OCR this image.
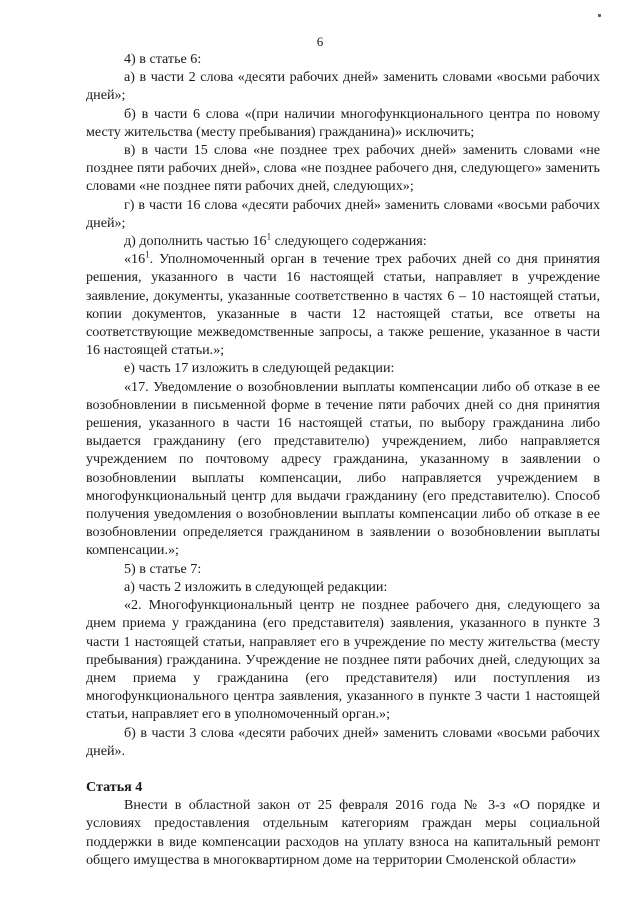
6

4) в статье 6:

а) в части 2 слова «десяти рабочих дней» заменить словами «восьми рабочих дней»;

б) в части 6 слова «(при наличии многофункционального центра по новому месту жительства (месту пребывания) гражданина)» исключить;

в) в части 15 слова «не позднее трех рабочих дней» заменить словами «не позднее пяти рабочих дней», слова «не позднее рабочего дня, следующего» заменить словами «не позднее пяти рабочих дней, следующих»;

г) в части 16 слова «десяти рабочих дней» заменить словами «восьми рабочих дней»;

д) дополнить частью $16^1$ следующего содержания:

«$16^1$. Уполномоченный орган в течение трех рабочих дней со дня принятия решения, указанного в части 16 настоящей статьи, направляет в учреждение заявление, документы, указанные соответственно в частях 6 – 10 настоящей статьи, копии документов, указанные в части 12 настоящей статьи, все ответы на соответствующие межведомственные запросы, а также решение, указанное в части 16 настоящей статьи.»;

е) часть 17 изложить в следующей редакции:

«17. Уведомление о возобновлении выплаты компенсации либо об отказе в ее возобновлении в письменной форме в течение пяти рабочих дней со дня принятия решения, указанного в части 16 настоящей статьи, по выбору гражданина либо выдается гражданину (его представителю) учреждением, либо направляется учреждением по почтовому адресу гражданина, указанному в заявлении о возобновлении выплаты компенсации, либо направляется учреждением в многофункциональный центр для выдачи гражданину (его представителю). Способ получения уведомления о возобновлении выплаты компенсации либо об отказе в ее возобновлении определяется гражданином в заявлении о возобновлении выплаты компенсации.»;

5) в статье 7:

а) часть 2 изложить в следующей редакции:

«2. Многофункциональный центр не позднее рабочего дня, следующего за днем приема у гражданина (его представителя) заявления, указанного в пункте 3 части 1 настоящей статьи, направляет его в учреждение по месту жительства (месту пребывания) гражданина. Учреждение не позднее пяти рабочих дней, следующих за днем приема у гражданина (его представителя) или поступления из многофункционального центра заявления, указанного в пункте 3 части 1 настоящей статьи, направляет его в уполномоченный орган.»;

б) в части 3 слова «десяти рабочих дней» заменить словами «восьми рабочих дней».

Статья 4

Внести в областной закон от 25 февраля 2016 года № 3-з «О порядке и условиях предоставления отдельным категориям граждан меры социальной поддержки в виде компенсации расходов на уплату взноса на капитальный ремонт общего имущества в многоквартирном доме на территории Смоленской области»
